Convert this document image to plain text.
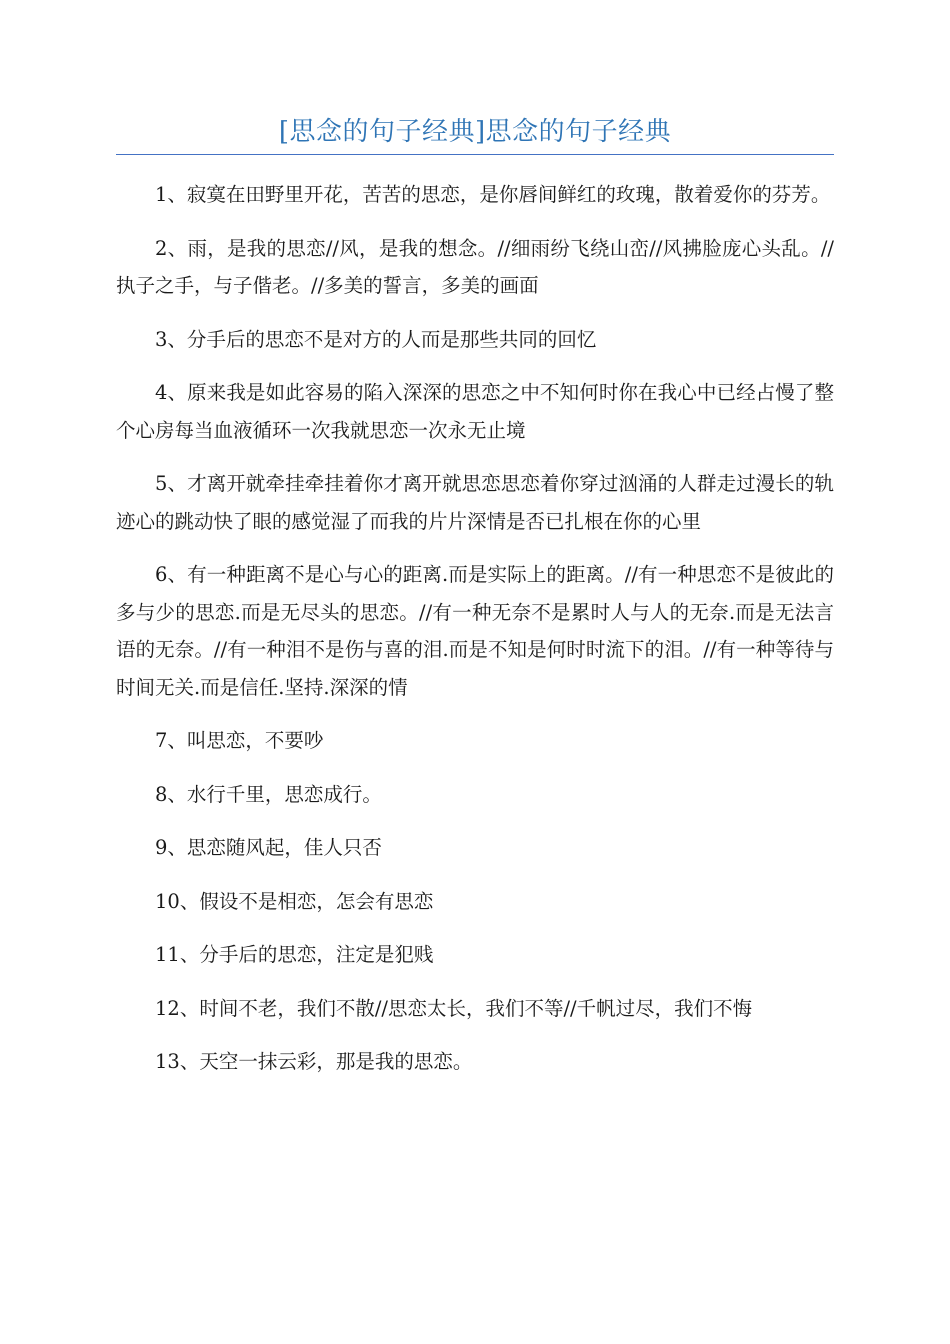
[思念的句子经典]思念的句子经典

1、寂寞在田野里开花，苦苦的思恋，是你唇间鲜红的玫瑰，散着爱你的芬芳。

2、雨，是我的思恋//风，是我的想念。//细雨纷飞绕山峦//风拂脸庞心头乱。//执子之手，与子偕老。//多美的誓言，多美的画面

3、分手后的思恋不是对方的人而是那些共同的回忆

4、原来我是如此容易的陷入深深的思恋之中不知何时你在我心中已经占慢了整个心房每当血液循环一次我就思恋一次永无止境

5、才离开就牵挂牵挂着你才离开就思恋思恋着你穿过汹涌的人群走过漫长的轨迹心的跳动快了眼的感觉湿了而我的片片深情是否已扎根在你的心里

6、有一种距离不是心与心的距离.而是实际上的距离。//有一种思恋不是彼此的多与少的思恋.而是无尽头的思恋。//有一种无奈不是累时人与人的无奈.而是无法言语的无奈。//有一种泪不是伤与喜的泪.而是不知是何时时流下的泪。//有一种等待与时间无关.而是信任.坚持.深深的情

7、叫思恋，不要吵

8、水行千里，思恋成行。

9、思恋随风起，佳人只否

10、假设不是相恋，怎会有思恋

11、分手后的思恋，注定是犯贱

12、时间不老，我们不散//思恋太长，我们不等//千帆过尽，我们不悔

13、天空一抹云彩，那是我的思恋。
